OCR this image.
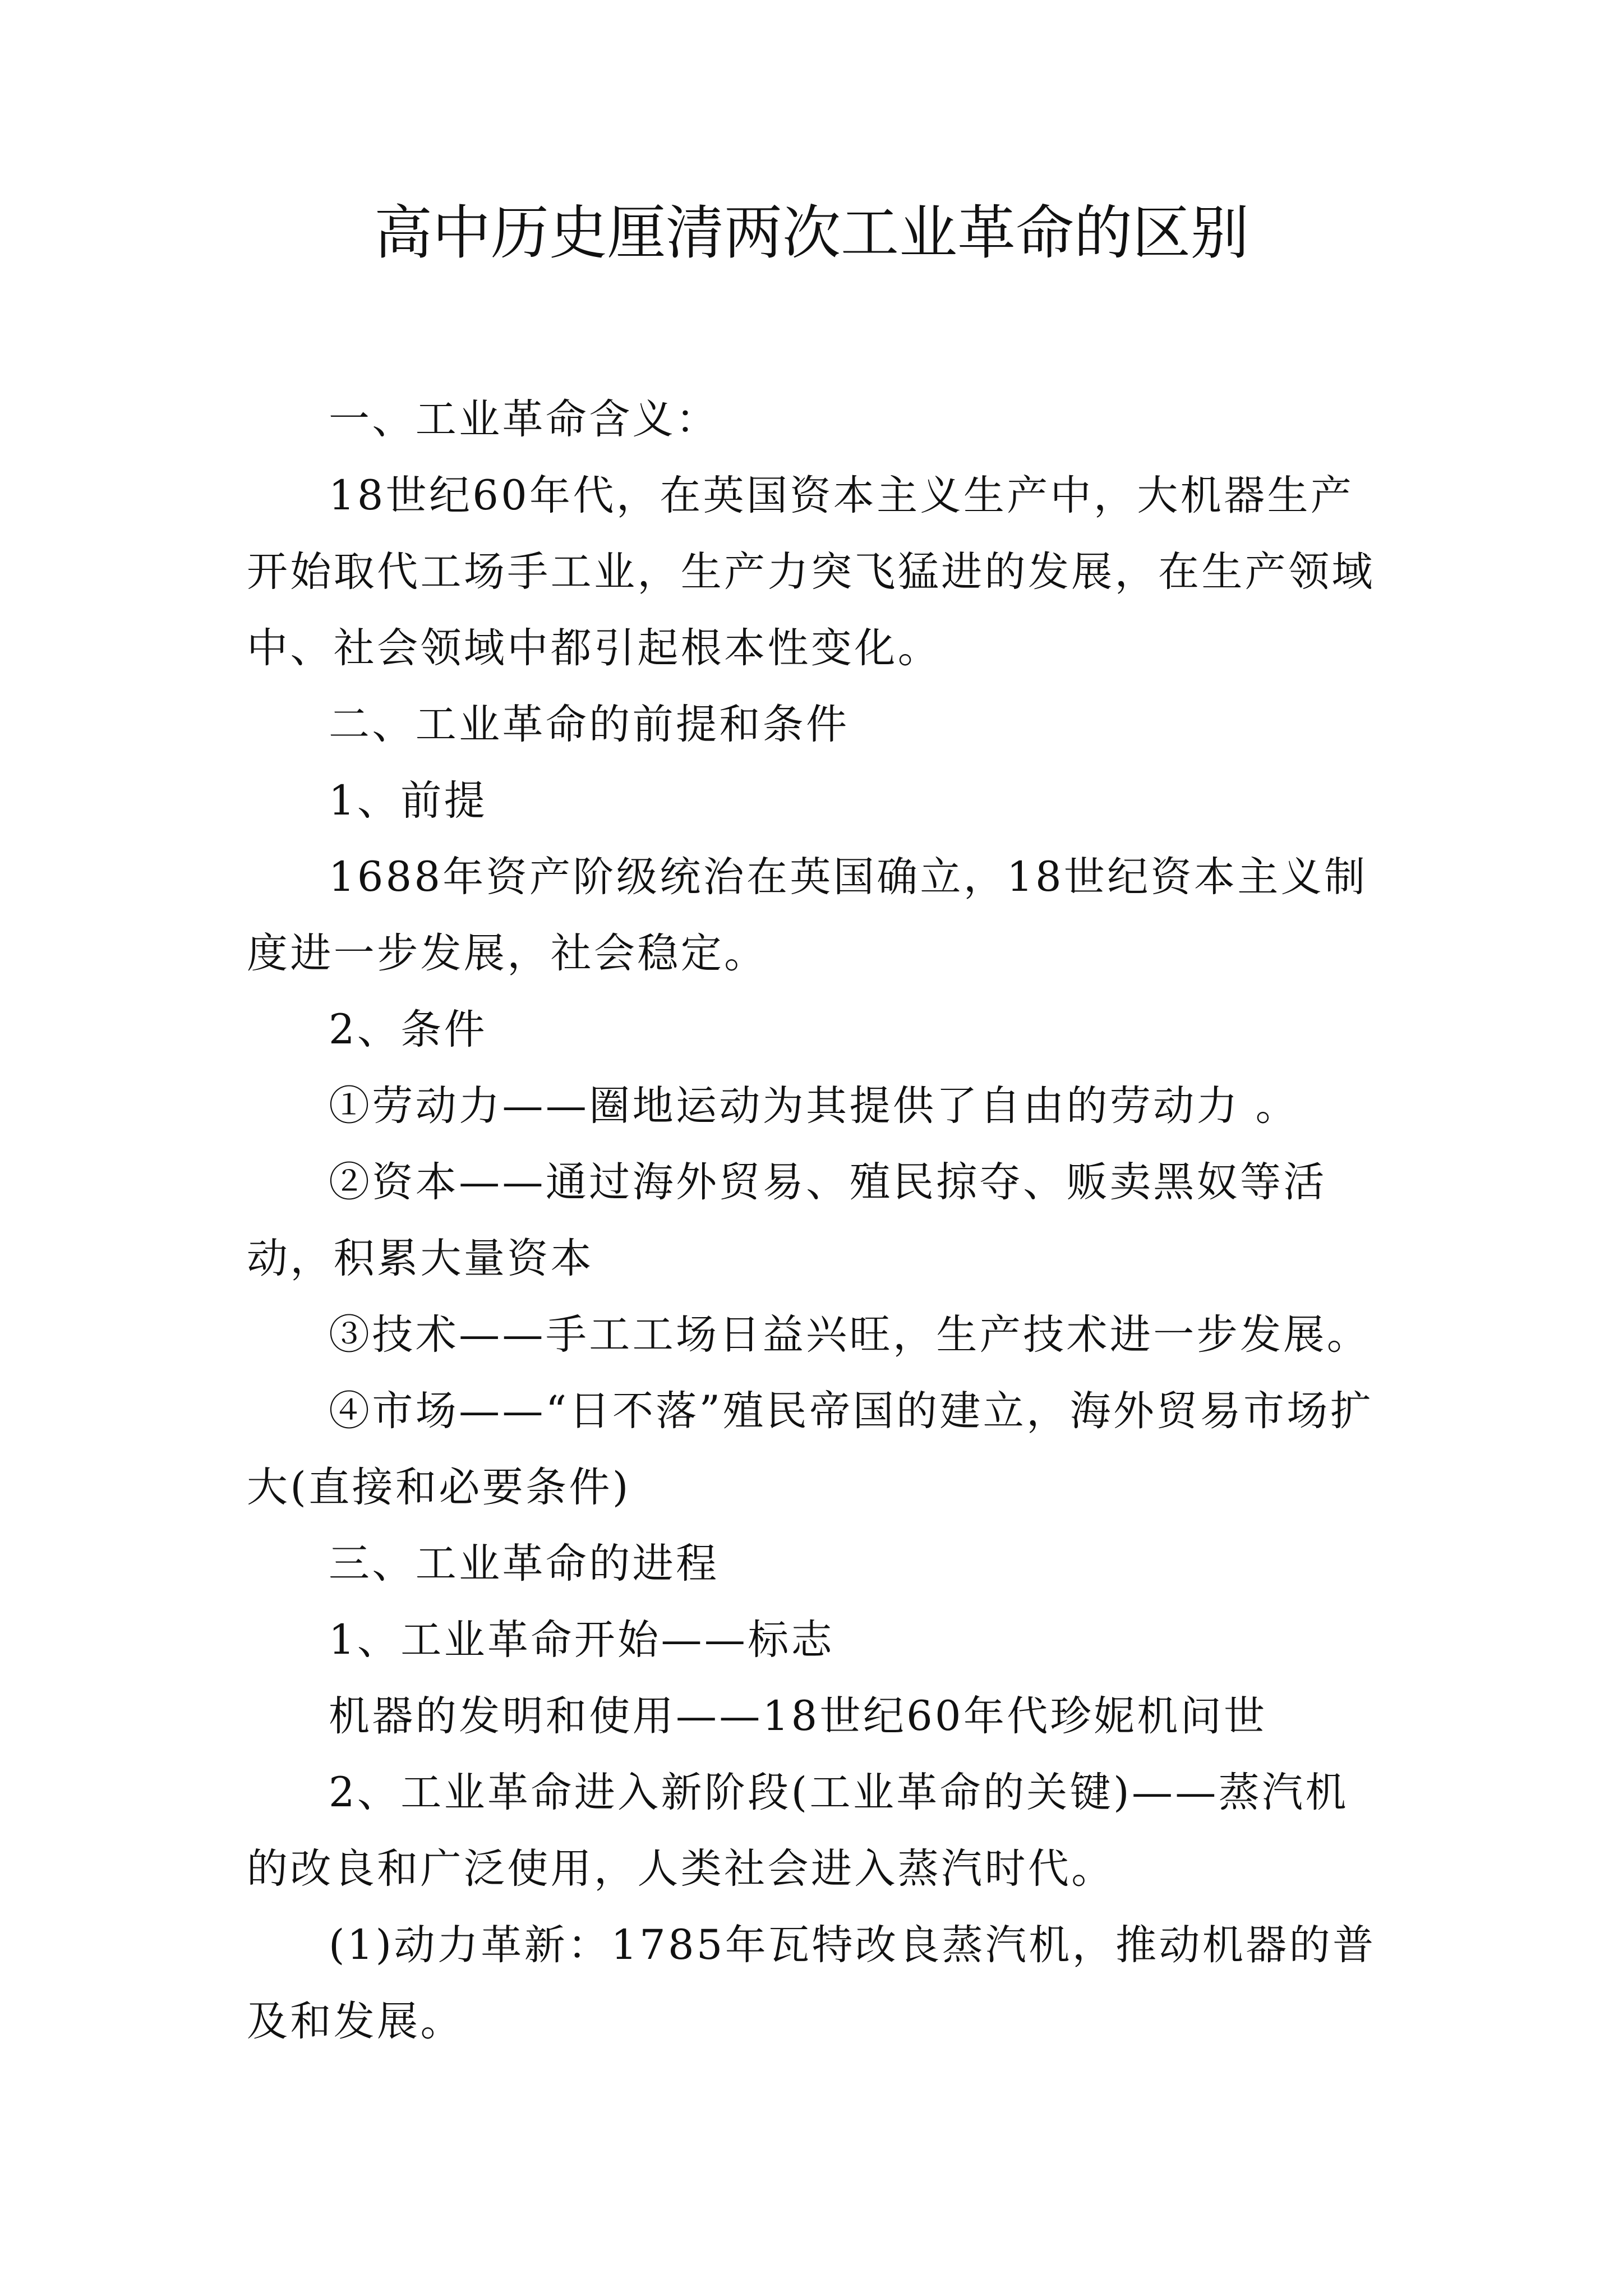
高中历史厘清两次工业革命的区别

一、工业革命含义：

18世纪60年代，在英国资本主义生产中，大机器生产开始取代工场手工业，生产力突飞猛进的发展，在生产领域中、社会领域中都引起根本性变化。

二、工业革命的前提和条件

1、前提

1688年资产阶级统治在英国确立，18世纪资本主义制度进一步发展，社会稳定。

2、条件

①劳动力——圈地运动为其提供了自由的劳动力 。

②资本——通过海外贸易、殖民掠夺、贩卖黑奴等活动，积累大量资本

③技术——手工工场日益兴旺，生产技术进一步发展。

④市场——“日不落”殖民帝国的建立，海外贸易市场扩大(直接和必要条件)

三、工业革命的进程

1、工业革命开始——标志

机器的发明和使用——18世纪60年代珍妮机问世

2、工业革命进入新阶段(工业革命的关键)——蒸汽机的改良和广泛使用，人类社会进入蒸汽时代。

(1)动力革新：1785年瓦特改良蒸汽机，推动机器的普及和发展。
